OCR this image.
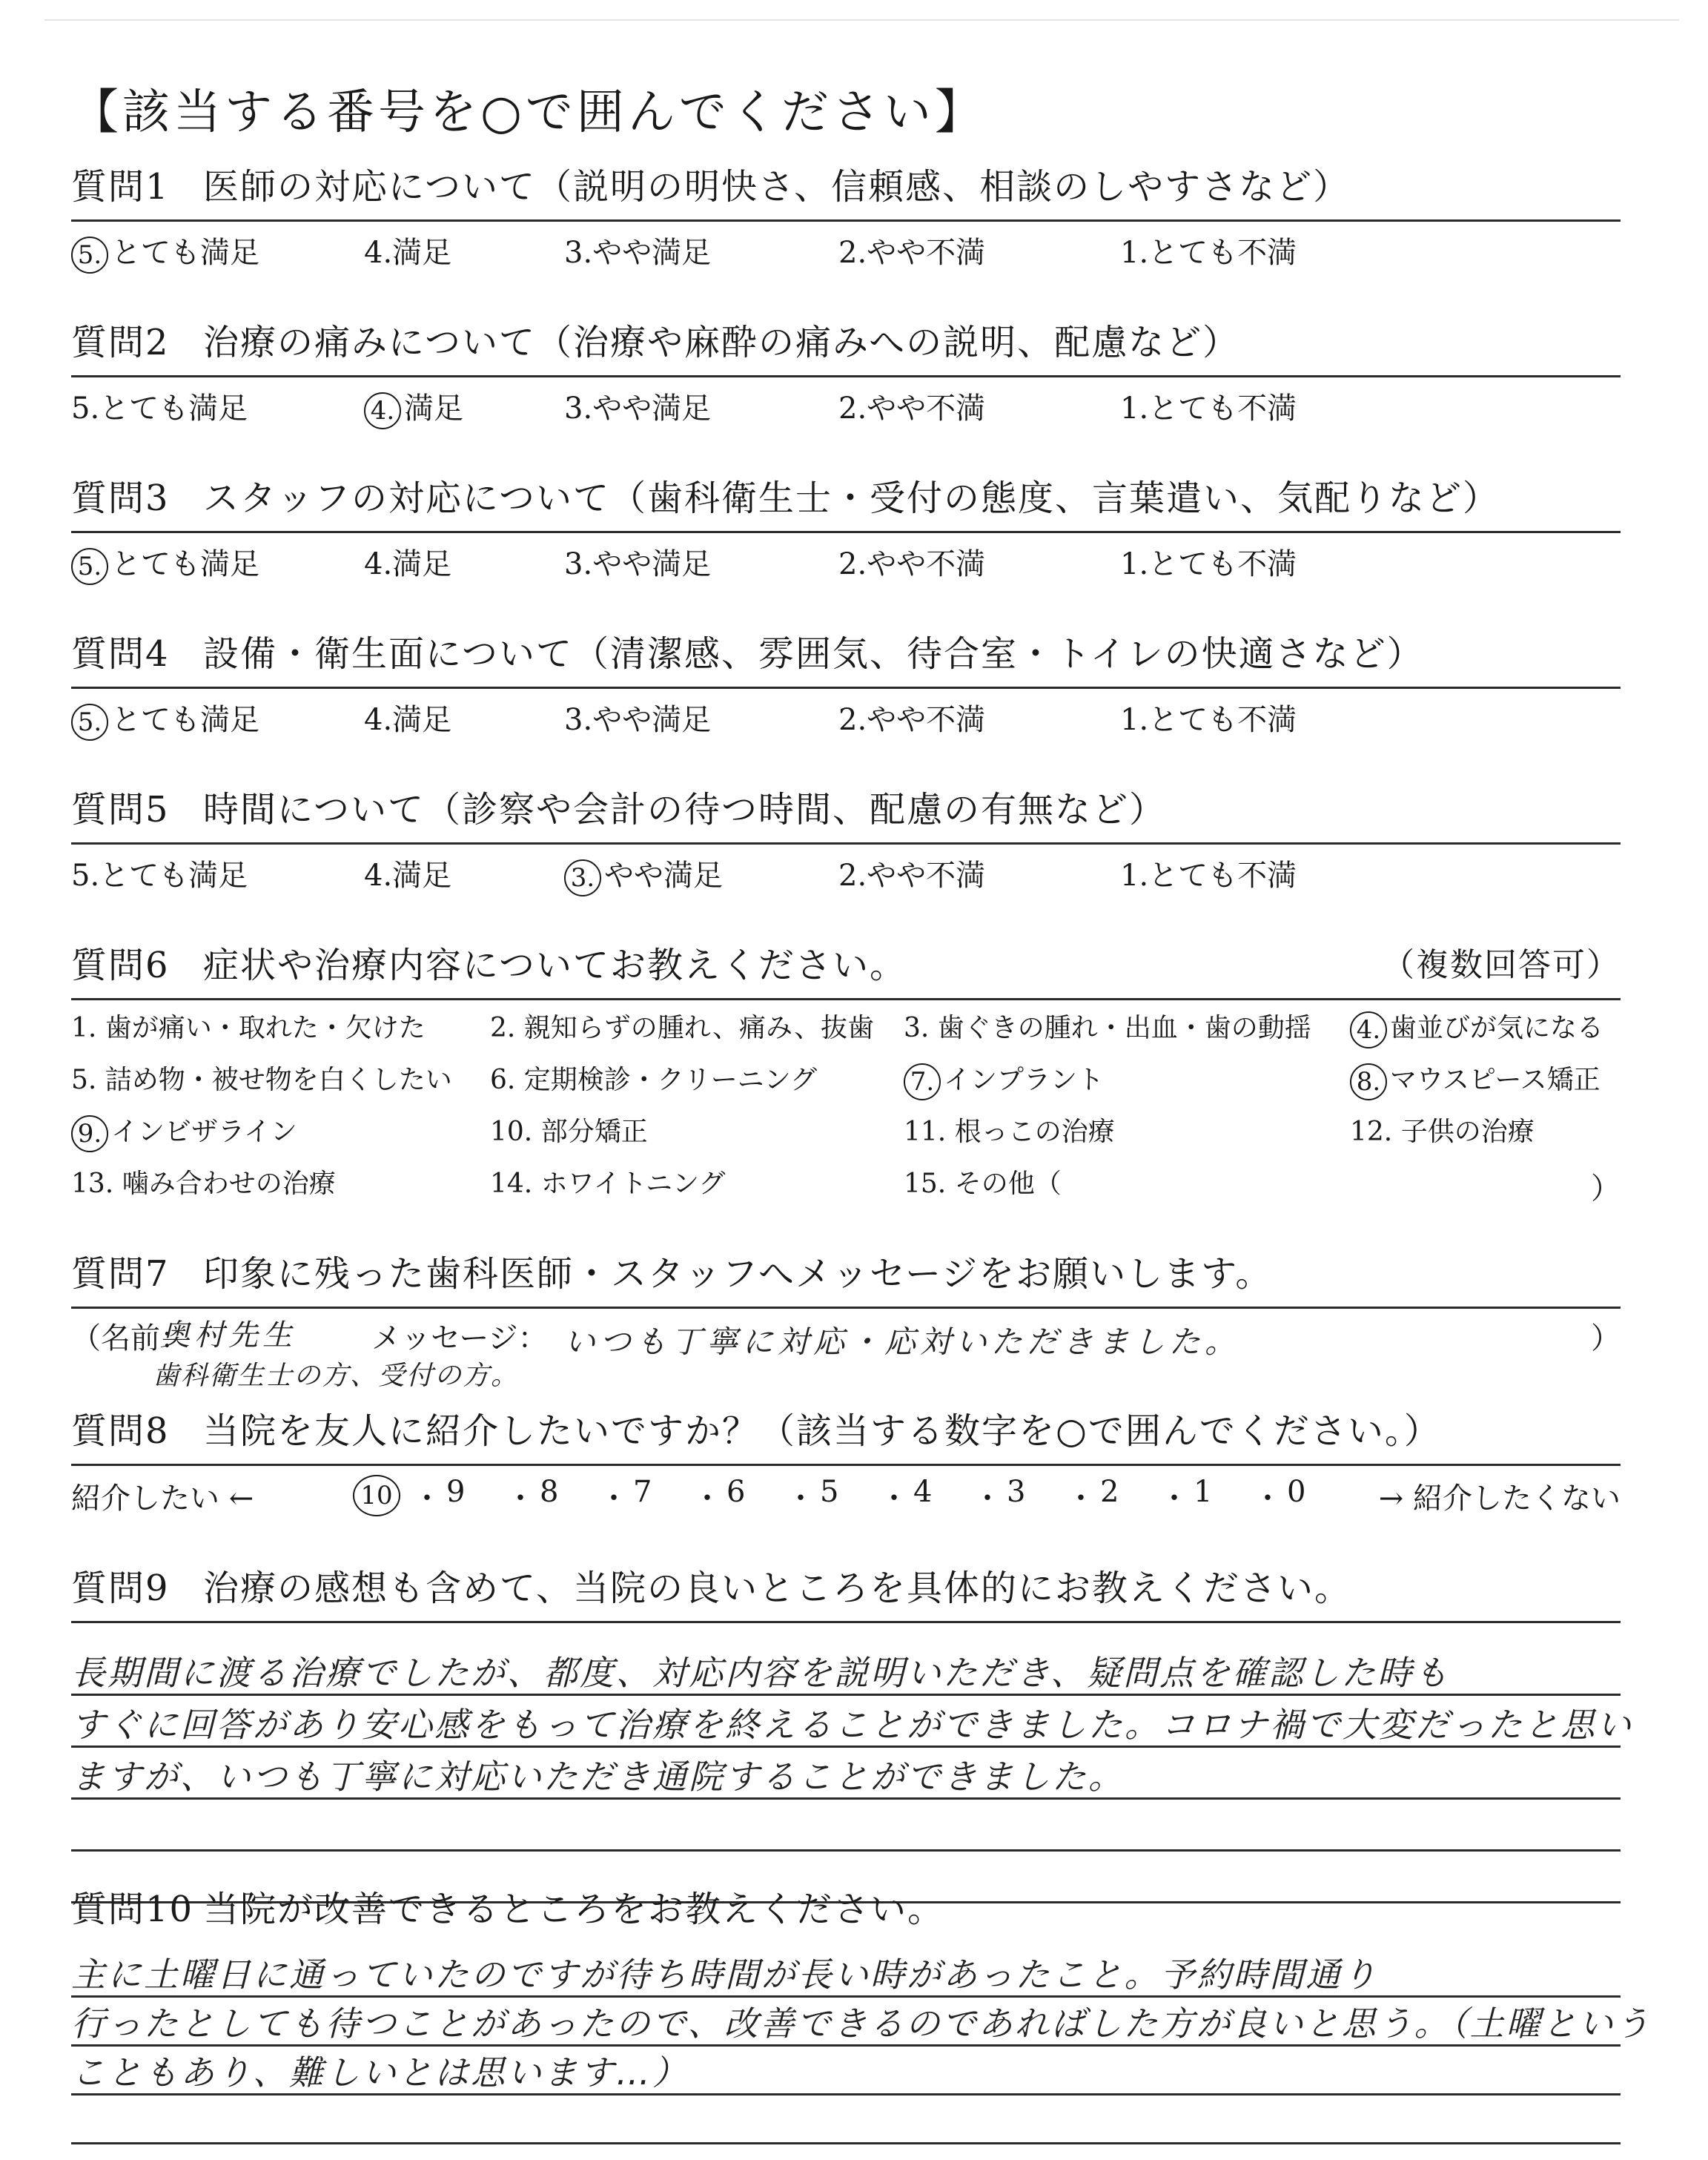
【該当する番号を○で囲んでください】
質問1 医師の対応について（説明の明快さ、信頼感、相談のしやすさなど）
5. とても満足	4.満足	3.やや満足	2.やや不満	1.とても不満
質問2 治療の痛みについて（治療や麻酔の痛みへの説明、配慮など）
5.とても満足	4. 満足	3.やや満足	2.やや不満	1.とても不満
質問3 スタッフの対応について（歯科衛生士・受付の態度、言葉遣い、気配りなど）
5. とても満足	4.満足	3.やや満足	2.やや不満	1.とても不満
質問4 設備・衛生面について（清潔感、雰囲気、待合室・トイレの快適さなど）
5. とても満足	4.満足	3.やや満足	2.やや不満	1.とても不満
質問5 時間について（診察や会計の待つ時間、配慮の有無など）
5.とても満足	4.満足	3. やや満足	2.やや不満	1.とても不満
質問6 症状や治療内容についてお教えください。	（複数回答可）
1. 歯が痛い・取れた・欠けた 2. 親知らずの腫れ、痛み、抜歯 3. 歯ぐきの腫れ・出血・歯の動揺 4. 歯並びが気になる
5. 詰め物・被せ物を白くしたい 6. 定期検診・クリーニング	7. インプラント	8. マウスピース矯正
9. インビザライン	10. 部分矯正	11. 根っこの治療	12. 子供の治療
13. 噛み合わせの治療	14. ホワイトニング	15. その他（	）
質問7 印象に残った歯科医師・スタッフへメッセージをお願いします。
（名前：
奥村先生
歯科衛生士の方、受付の方。
メッセージ： いつも丁寧に対応・応対いただきました。	）
質問8 当院を友人に紹介したいですか？（該当する数字を○で囲んでください。）
紹介したい ←	→ 紹介したくない
10 ・ 9 ・ 8 ・ 7 ・ 6 ・ 5 ・ 4 ・ 3 ・ 2 ・ 1 ・ 0
質問9 治療の感想も含めて、当院の良いところを具体的にお教えください。
長期間に渡る治療でしたが、都度、対応内容を説明いただき、疑問点を確認した時も
すぐに回答があり安心感をもって治療を終えることができました。コロナ禍で大変だったと思い
ますが、いつも丁寧に対応いただき通院することができました。
質問10 当院が改善できるところをお教えください。
主に土曜日に通っていたのですが待ち時間が長い時があったこと。予約時間通り
行ったとしても待つことがあったので、改善できるのであればした方が良いと思う。（土曜という
こともあり、難しいとは思います…）
